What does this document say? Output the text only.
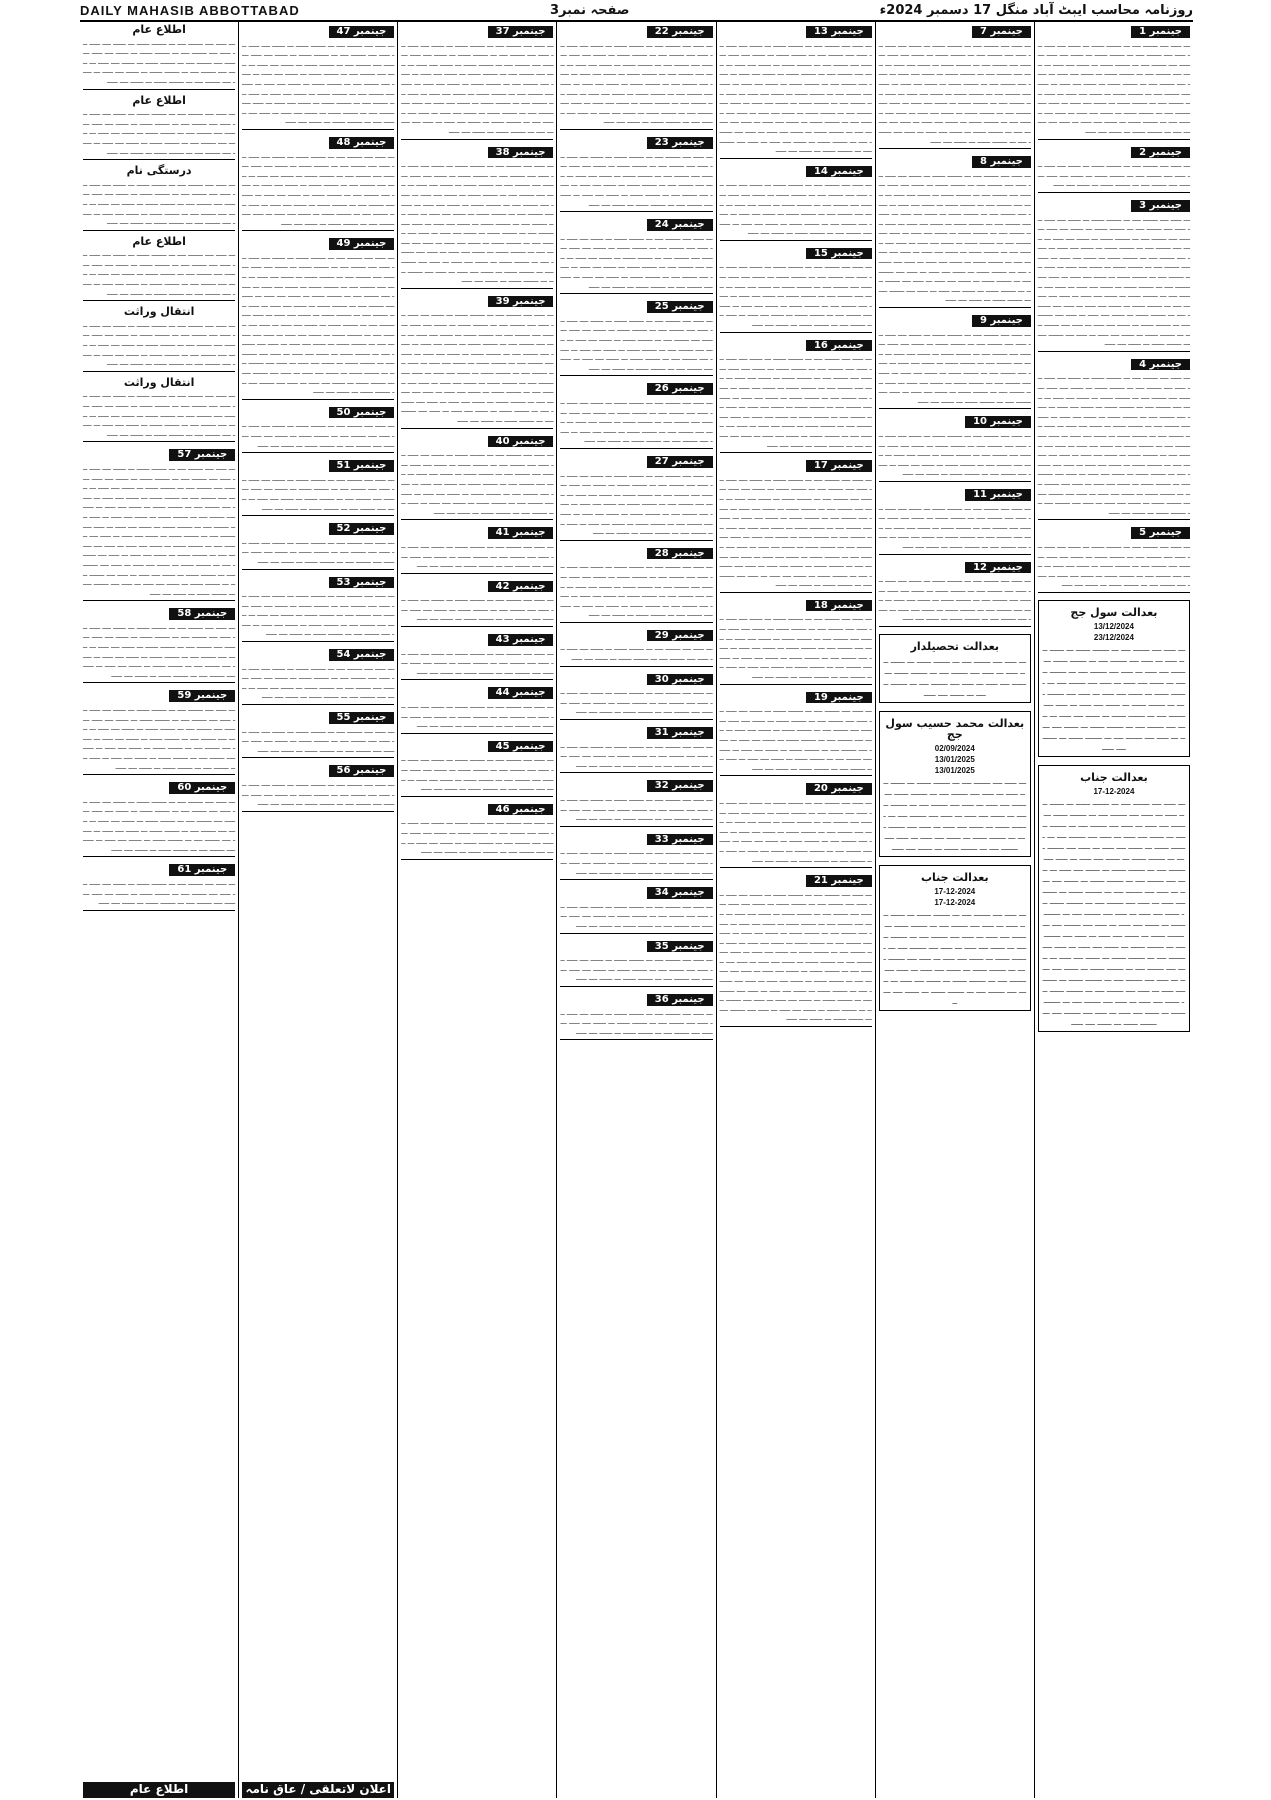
DAILY MAHASIB ABBOTTABAD	صفحہ نمبر3	روزنامہ محاسب ایبٹ آباد منگل 17 دسمبر 2024ء
جینمبر 1
ـــ ـــــ ــــ ـــــــ ــــ ـــ ـــــــ ــــــ ـــ ــــــ ــــ ـــــ ـــ ـــــ ــــ ـــــــ ــــ ـــ ـــــــ ــــــ ـــ ــــــ ــــ ـــــ ـــ ـــــ ــــ ـــــــ ــــ ـــ ـــــــ ــــــ ـــ ــــــ ــــ ـــــ ـــ ـــــ ــــ ـــــــ ــــ ـــ ـــــــ ــــــ ـــ ــــــ ــــ ـــــ ـــ ـــــ ــــ ـــــــ ــــ ـــ ـــــــ ــــــ ـــ ــــــ ــــ ـــــ ـــ ـــــ ــــ ـــــــ ــــ ـــ ـــــــ ــــــ ـــ ــــــ ــــ ـــــ ـــ ـــــ ــــ ـــــــ ــــ ـــ ـــــــ ــــــ ـــ ــــــ ــــ ـــــ ـــ ـــــ ــــ ـــــــ ــــ ـــ ـــــــ ــــــ ـــ ــــــ ــــ ـــــ ـــ ـــــ ــــ ـــــــ ــــ ـــ ـــــــ ــــــ ـــ ــــــ ــــ ـــــ ـــ ـــــ ــــ ـــــــ ــــ ـــ ـــــــ ــــــ ـــ ــــــ ــــ ـــــ
جینمبر 2
ـــ ـــــ ــــ ـــــــ ــــ ـــ ـــــــ ــــــ ـــ ــــــ ــــ ـــــ ـــ ـــــ ــــ ـــــــ ــــ ـــ ـــــــ ــــــ ـــ ــــــ ــــ ـــــ ـــ ـــــ ــــ ـــــــ ــــ ـــ ـــــــ ــــــ ـــ ــــــ ــــ ـــــ
جینمبر 3
ـــ ـــــ ــــ ـــــــ ــــ ـــ ـــــــ ــــــ ـــ ــــــ ــــ ـــــ ـــ ـــــ ــــ ـــــــ ــــ ـــ ـــــــ ــــــ ـــ ــــــ ــــ ـــــ ـــ ـــــ ــــ ـــــــ ــــ ـــ ـــــــ ــــــ ـــ ــــــ ــــ ـــــ ـــ ـــــ ــــ ـــــــ ــــ ـــ ـــــــ ــــــ ـــ ــــــ ــــ ـــــ ـــ ـــــ ــــ ـــــــ ــــ ـــ ـــــــ ــــــ ـــ ــــــ ــــ ـــــ ـــ ـــــ ــــ ـــــــ ــــ ـــ ـــــــ ــــــ ـــ ــــــ ــــ ـــــ ـــ ـــــ ــــ ـــــــ ــــ ـــ ـــــــ ــــــ ـــ ــــــ ــــ ـــــ ـــ ـــــ ــــ ـــــــ ــــ ـــ ـــــــ ــــــ ـــ ــــــ ــــ ـــــ ـــ ـــــ ــــ ـــــــ ــــ ـــ ـــــــ ــــــ ـــ ــــــ ــــ ـــــ ـــ ـــــ ــــ ـــــــ ــــ ـــ ـــــــ ــــــ ـــ ــــــ ــــ ـــــ ـــ ـــــ ــــ ـــــــ ــــ ـــ ـــــــ ــــــ ـــ ــــــ ــــ ـــــ ـــ ـــــ ــــ ـــــــ ــــ ـــ ـــــــ ــــــ ـــ ــــــ ــــ ـــــ ـــ ـــــ ــــ ـــــــ ــــ ـــ ـــــــ ــــــ ـــ ــــــ ــــ ـــــ ـــ ـــــ ــــ ـــــــ ــــ ـــ ـــــــ ــــــ ـــ ــــــ ــــ ـــــ
جینمبر 4
ـــ ـــــ ــــ ـــــــ ــــ ـــ ـــــــ ــــــ ـــ ــــــ ــــ ـــــ ـــ ـــــ ــــ ـــــــ ــــ ـــ ـــــــ ــــــ ـــ ــــــ ــــ ـــــ ـــ ـــــ ــــ ـــــــ ــــ ـــ ـــــــ ــــــ ـــ ــــــ ــــ ـــــ ـــ ـــــ ــــ ـــــــ ــــ ـــ ـــــــ ــــــ ـــ ــــــ ــــ ـــــ ـــ ـــــ ــــ ـــــــ ــــ ـــ ـــــــ ــــــ ـــ ــــــ ــــ ـــــ ـــ ـــــ ــــ ـــــــ ــــ ـــ ـــــــ ــــــ ـــ ــــــ ــــ ـــــ ـــ ـــــ ــــ ـــــــ ــــ ـــ ـــــــ ــــــ ـــ ــــــ ــــ ـــــ ـــ ـــــ ــــ ـــــــ ــــ ـــ ـــــــ ــــــ ـــ ــــــ ــــ ـــــ ـــ ـــــ ــــ ـــــــ ــــ ـــ ـــــــ ــــــ ـــ ــــــ ــــ ـــــ ـــ ـــــ ــــ ـــــــ ــــ ـــ ـــــــ ــــــ ـــ ــــــ ــــ ـــــ ـــ ـــــ ــــ ـــــــ ــــ ـــ ـــــــ ــــــ ـــ ــــــ ــــ ـــــ ـــ ـــــ ــــ ـــــــ ــــ ـــ ـــــــ ــــــ ـــ ــــــ ــــ ـــــ ـــ ـــــ ــــ ـــــــ ــــ ـــ ـــــــ ــــــ ـــ ــــــ ــــ ـــــ ـــ ـــــ ــــ ـــــــ ــــ ـــ ـــــــ ــــــ ـــ ــــــ ــــ ـــــ ـــ ـــــ ــــ ـــــــ ــــ ـــ ـــــــ ــــــ ـــ ــــــ ــــ ـــــ
جینمبر 5
ـــ ـــــ ــــ ـــــــ ــــ ـــ ـــــــ ــــــ ـــ ــــــ ــــ ـــــ ـــ ـــــ ــــ ـــــــ ــــ ـــ ـــــــ ــــــ ـــ ــــــ ــــ ـــــ ـــ ـــــ ــــ ـــــــ ــــ ـــ ـــــــ ــــــ ـــ ــــــ ــــ ـــــ ـــ ـــــ ــــ ـــــــ ــــ ـــ ـــــــ ــــــ ـــ ــــــ ــــ ـــــ ـــ ـــــ ــــ ـــــــ ــــ ـــ ـــــــ ــــــ ـــ ــــــ ــــ ـــــ
بعدالت سول جج
13/12/2024
23/12/2024
ـــ ـــــ ــــ ـــــــ ــــ ـــ ـــــــ ــــــ ـــ ــــــ ــــ ـــــ ـــ ـــــ ــــ ـــــــ ــــ ـــ ـــــــ ــــــ ـــ ــــــ ــــ ـــــ ـــ ـــــ ــــ ـــــــ ــــ ـــ ـــــــ ــــــ ـــ ــــــ ــــ ـــــ ـــ ـــــ ــــ ـــــــ ــــ ـــ ـــــــ ــــــ ـــ ــــــ ــــ ـــــ ـــ ـــــ ــــ ـــــــ ــــ ـــ ـــــــ ــــــ ـــ ــــــ ــــ ـــــ ـــ ـــــ ــــ ـــــــ ــــ ـــ ـــــــ ــــــ ـــ ــــــ ــــ ـــــ ـــ ـــــ ــــ ـــــــ ــــ ـــ ـــــــ ــــــ ـــ ــــــ ــــ ـــــ ـــ ـــــ ــــ ـــــــ ــــ ـــ ـــــــ ــــــ ـــ ــــــ ــــ ـــــ
بعدالت جناب
17-12-2024
ـــ ـــــ ــــ ـــــــ ــــ ـــ ـــــــ ــــــ ـــ ــــــ ــــ ـــــ ـــ ـــــ ــــ ـــــــ ــــ ـــ ـــــــ ــــــ ـــ ــــــ ــــ ـــــ ـــ ـــــ ــــ ـــــــ ــــ ـــ ـــــــ ــــــ ـــ ــــــ ــــ ـــــ ـــ ـــــ ــــ ـــــــ ــــ ـــ ـــــــ ــــــ ـــ ــــــ ــــ ـــــ ـــ ـــــ ــــ ـــــــ ــــ ـــ ـــــــ ــــــ ـــ ــــــ ــــ ـــــ ـــ ـــــ ــــ ـــــــ ــــ ـــ ـــــــ ــــــ ـــ ــــــ ــــ ـــــ ـــ ـــــ ــــ ـــــــ ــــ ـــ ـــــــ ــــــ ـــ ــــــ ــــ ـــــ ـــ ـــــ ــــ ـــــــ ــــ ـــ ـــــــ ــــــ ـــ ــــــ ــــ ـــــ ـــ ـــــ ــــ ـــــــ ــــ ـــ ـــــــ ــــــ ـــ ــــــ ــــ ـــــ ـــ ـــــ ــــ ـــــــ ــــ ـــ ـــــــ ــــــ ـــ ــــــ ــــ ـــــ ـــ ـــــ ــــ ـــــــ ــــ ـــ ـــــــ ــــــ ـــ ــــــ ــــ ـــــ ـــ ـــــ ــــ ـــــــ ــــ ـــ ـــــــ ــــــ ـــ ــــــ ــــ ـــــ ـــ ـــــ ــــ ـــــــ ــــ ـــ ـــــــ ــــــ ـــ ــــــ ــــ ـــــ ـــ ـــــ ــــ ـــــــ ــــ ـــ ـــــــ ــــــ ـــ ــــــ ــــ ـــــ ـــ ـــــ ــــ ـــــــ ــــ ـــ ـــــــ ــــــ ـــ ــــــ ــــ ـــــ ـــ ـــــ ــــ ـــــــ ــــ ـــ ـــــــ ــــــ ـــ ــــــ ــــ ـــــ ـــ ـــــ ــــ ـــــــ ــــ ـــ ـــــــ ــــــ ـــ ــــــ ــــ ـــــ ـــ ـــــ ــــ ـــــــ ــــ ـــ ـــــــ ــــــ ـــ ــــــ ــــ ـــــ
جینمبر 7
ـــ ـــــ ــــ ـــــــ ــــ ـــ ـــــــ ــــــ ـــ ــــــ ــــ ـــــ ـــ ـــــ ــــ ـــــــ ــــ ـــ ـــــــ ــــــ ـــ ــــــ ــــ ـــــ ـــ ـــــ ــــ ـــــــ ــــ ـــ ـــــــ ــــــ ـــ ــــــ ــــ ـــــ ـــ ـــــ ــــ ـــــــ ــــ ـــ ـــــــ ــــــ ـــ ــــــ ــــ ـــــ ـــ ـــــ ــــ ـــــــ ــــ ـــ ـــــــ ــــــ ـــ ــــــ ــــ ـــــ ـــ ـــــ ــــ ـــــــ ــــ ـــ ـــــــ ــــــ ـــ ــــــ ــــ ـــــ ـــ ـــــ ــــ ـــــــ ــــ ـــ ـــــــ ــــــ ـــ ــــــ ــــ ـــــ ـــ ـــــ ــــ ـــــــ ــــ ـــ ـــــــ ــــــ ـــ ــــــ ــــ ـــــ ـــ ـــــ ــــ ـــــــ ــــ ـــ ـــــــ ــــــ ـــ ــــــ ــــ ـــــ ـــ ـــــ ــــ ـــــــ ــــ ـــ ـــــــ ــــــ ـــ ــــــ ــــ ـــــ ـــ ـــــ ــــ ـــــــ ــــ ـــ ـــــــ ــــــ ـــ ــــــ ــــ ـــــ
جینمبر 8
ـــ ـــــ ــــ ـــــــ ــــ ـــ ـــــــ ــــــ ـــ ــــــ ــــ ـــــ ـــ ـــــ ــــ ـــــــ ــــ ـــ ـــــــ ــــــ ـــ ــــــ ــــ ـــــ ـــ ـــــ ــــ ـــــــ ــــ ـــ ـــــــ ــــــ ـــ ــــــ ــــ ـــــ ـــ ـــــ ــــ ـــــــ ــــ ـــ ـــــــ ــــــ ـــ ــــــ ــــ ـــــ ـــ ـــــ ــــ ـــــــ ــــ ـــ ـــــــ ــــــ ـــ ــــــ ــــ ـــــ ـــ ـــــ ــــ ـــــــ ــــ ـــ ـــــــ ــــــ ـــ ــــــ ــــ ـــــ ـــ ـــــ ــــ ـــــــ ــــ ـــ ـــــــ ــــــ ـــ ــــــ ــــ ـــــ ـــ ـــــ ــــ ـــــــ ــــ ـــ ـــــــ ــــــ ـــ ــــــ ــــ ـــــ ـــ ـــــ ــــ ـــــــ ــــ ـــ ـــــــ ــــــ ـــ ــــــ ــــ ـــــ ـــ ـــــ ــــ ـــــــ ــــ ـــ ـــــــ ــــــ ـــ ــــــ ــــ ـــــ ـــ ـــــ ــــ ـــــــ ــــ ـــ ـــــــ ــــــ ـــ ــــــ ــــ ـــــ ـــ ـــــ ــــ ـــــــ ــــ ـــ ـــــــ ــــــ ـــ ــــــ ــــ ـــــ ـــ ـــــ ــــ ـــــــ ــــ ـــ ـــــــ ــــــ ـــ ــــــ ــــ ـــــ ـــ ـــــ ــــ ـــــــ ــــ ـــ ـــــــ ــــــ ـــ ــــــ ــــ ـــــ
جینمبر 9
ـــ ـــــ ــــ ـــــــ ــــ ـــ ـــــــ ــــــ ـــ ــــــ ــــ ـــــ ـــ ـــــ ــــ ـــــــ ــــ ـــ ـــــــ ــــــ ـــ ــــــ ــــ ـــــ ـــ ـــــ ــــ ـــــــ ــــ ـــ ـــــــ ــــــ ـــ ــــــ ــــ ـــــ ـــ ـــــ ــــ ـــــــ ــــ ـــ ـــــــ ــــــ ـــ ــــــ ــــ ـــــ ـــ ـــــ ــــ ـــــــ ــــ ـــ ـــــــ ــــــ ـــ ــــــ ــــ ـــــ ـــ ـــــ ــــ ـــــــ ــــ ـــ ـــــــ ــــــ ـــ ــــــ ــــ ـــــ ـــ ـــــ ــــ ـــــــ ــــ ـــ ـــــــ ــــــ ـــ ــــــ ــــ ـــــ ـــ ـــــ ــــ ـــــــ ــــ ـــ ـــــــ ــــــ ـــ ــــــ ــــ ـــــ
جینمبر 10
ـــ ـــــ ــــ ـــــــ ــــ ـــ ـــــــ ــــــ ـــ ــــــ ــــ ـــــ ـــ ـــــ ــــ ـــــــ ــــ ـــ ـــــــ ــــــ ـــ ــــــ ــــ ـــــ ـــ ـــــ ــــ ـــــــ ــــ ـــ ـــــــ ــــــ ـــ ــــــ ــــ ـــــ ـــ ـــــ ــــ ـــــــ ــــ ـــ ـــــــ ــــــ ـــ ــــــ ــــ ـــــ ـــ ـــــ ــــ ـــــــ ــــ ـــ ـــــــ ــــــ ـــ ــــــ ــــ ـــــ
جینمبر 11
ـــ ـــــ ــــ ـــــــ ــــ ـــ ـــــــ ــــــ ـــ ــــــ ــــ ـــــ ـــ ـــــ ــــ ـــــــ ــــ ـــ ـــــــ ــــــ ـــ ــــــ ــــ ـــــ ـــ ـــــ ــــ ـــــــ ــــ ـــ ـــــــ ــــــ ـــ ــــــ ــــ ـــــ ـــ ـــــ ــــ ـــــــ ــــ ـــ ـــــــ ــــــ ـــ ــــــ ــــ ـــــ ـــ ـــــ ــــ ـــــــ ــــ ـــ ـــــــ ــــــ ـــ ــــــ ــــ ـــــ
جینمبر 12
ـــ ـــــ ــــ ـــــــ ــــ ـــ ـــــــ ــــــ ـــ ــــــ ــــ ـــــ ـــ ـــــ ــــ ـــــــ ــــ ـــ ـــــــ ــــــ ـــ ــــــ ــــ ـــــ ـــ ـــــ ــــ ـــــــ ــــ ـــ ـــــــ ــــــ ـــ ــــــ ــــ ـــــ ـــ ـــــ ــــ ـــــــ ــــ ـــ ـــــــ ــــــ ـــ ــــــ ــــ ـــــ ـــ ـــــ ــــ ـــــــ ــــ ـــ ـــــــ ــــــ ـــ ــــــ ــــ ـــــ
بعدالت تحصیلدار
ـــ ـــــ ــــ ـــــــ ــــ ـــ ـــــــ ــــــ ـــ ــــــ ــــ ـــــ ـــ ـــــ ــــ ـــــــ ــــ ـــ ـــــــ ــــــ ـــ ــــــ ــــ ـــــ ـــ ـــــ ــــ ـــــــ ــــ ـــ ـــــــ ــــــ ـــ ــــــ ــــ ـــــ
بعدالت محمد حسیب سول جج
02/09/2024
13/01/2025
13/01/2025
ـــ ـــــ ــــ ـــــــ ــــ ـــ ـــــــ ــــــ ـــ ــــــ ــــ ـــــ ـــ ـــــ ــــ ـــــــ ــــ ـــ ـــــــ ــــــ ـــ ــــــ ــــ ـــــ ـــ ـــــ ــــ ـــــــ ــــ ـــ ـــــــ ــــــ ـــ ــــــ ــــ ـــــ ـــ ـــــ ــــ ـــــــ ــــ ـــ ـــــــ ــــــ ـــ ــــــ ــــ ـــــ ـــ ـــــ ــــ ـــــــ ــــ ـــ ـــــــ ــــــ ـــ ــــــ ــــ ـــــ ـــ ـــــ ــــ ـــــــ ــــ ـــ ـــــــ ــــــ ـــ ــــــ ــــ ـــــ
بعدالت جناب
17-12-2024
17-12-2024
ـــ ـــــ ــــ ـــــــ ــــ ـــ ـــــــ ــــــ ـــ ــــــ ــــ ـــــ ـــ ـــــ ــــ ـــــــ ــــ ـــ ـــــــ ــــــ ـــ ــــــ ــــ ـــــ ـــ ـــــ ــــ ـــــــ ــــ ـــ ـــــــ ــــــ ـــ ــــــ ــــ ـــــ ـــ ـــــ ــــ ـــــــ ــــ ـــ ـــــــ ــــــ ـــ ــــــ ــــ ـــــ ـــ ـــــ ــــ ـــــــ ــــ ـــ ـــــــ ــــــ ـــ ــــــ ــــ ـــــ ـــ ـــــ ــــ ـــــــ ــــ ـــ ـــــــ ــــــ ـــ ــــــ ــــ ـــــ ـــ ـــــ ــــ ـــــــ ــــ ـــ ـــــــ ــــــ ـــ ــــــ ــــ ـــــ
جینمبر 13
ـــ ـــــ ــــ ـــــــ ــــ ـــ ـــــــ ــــــ ـــ ــــــ ــــ ـــــ ـــ ـــــ ــــ ـــــــ ــــ ـــ ـــــــ ــــــ ـــ ــــــ ــــ ـــــ ـــ ـــــ ــــ ـــــــ ــــ ـــ ـــــــ ــــــ ـــ ــــــ ــــ ـــــ ـــ ـــــ ــــ ـــــــ ــــ ـــ ـــــــ ــــــ ـــ ــــــ ــــ ـــــ ـــ ـــــ ــــ ـــــــ ــــ ـــ ـــــــ ــــــ ـــ ــــــ ــــ ـــــ ـــ ـــــ ــــ ـــــــ ــــ ـــ ـــــــ ــــــ ـــ ــــــ ــــ ـــــ ـــ ـــــ ــــ ـــــــ ــــ ـــ ـــــــ ــــــ ـــ ــــــ ــــ ـــــ ـــ ـــــ ــــ ـــــــ ــــ ـــ ـــــــ ــــــ ـــ ــــــ ــــ ـــــ ـــ ـــــ ــــ ـــــــ ــــ ـــ ـــــــ ــــــ ـــ ــــــ ــــ ـــــ ـــ ـــــ ــــ ـــــــ ــــ ـــ ـــــــ ــــــ ـــ ــــــ ــــ ـــــ ـــ ـــــ ــــ ـــــــ ــــ ـــ ـــــــ ــــــ ـــ ــــــ ــــ ـــــ ـــ ـــــ ــــ ـــــــ ــــ ـــ ـــــــ ــــــ ـــ ــــــ ــــ ـــــ
جینمبر 14
ـــ ـــــ ــــ ـــــــ ــــ ـــ ـــــــ ــــــ ـــ ــــــ ــــ ـــــ ـــ ـــــ ــــ ـــــــ ــــ ـــ ـــــــ ــــــ ـــ ــــــ ــــ ـــــ ـــ ـــــ ــــ ـــــــ ــــ ـــ ـــــــ ــــــ ـــ ــــــ ــــ ـــــ ـــ ـــــ ــــ ـــــــ ــــ ـــ ـــــــ ــــــ ـــ ــــــ ــــ ـــــ ـــ ـــــ ــــ ـــــــ ــــ ـــ ـــــــ ــــــ ـــ ــــــ ــــ ـــــ ـــ ـــــ ــــ ـــــــ ــــ ـــ ـــــــ ــــــ ـــ ــــــ ــــ ـــــ
جینمبر 15
ـــ ـــــ ــــ ـــــــ ــــ ـــ ـــــــ ــــــ ـــ ــــــ ــــ ـــــ ـــ ـــــ ــــ ـــــــ ــــ ـــ ـــــــ ــــــ ـــ ــــــ ــــ ـــــ ـــ ـــــ ــــ ـــــــ ــــ ـــ ـــــــ ــــــ ـــ ــــــ ــــ ـــــ ـــ ـــــ ــــ ـــــــ ــــ ـــ ـــــــ ــــــ ـــ ــــــ ــــ ـــــ ـــ ـــــ ــــ ـــــــ ــــ ـــ ـــــــ ــــــ ـــ ــــــ ــــ ـــــ ـــ ـــــ ــــ ـــــــ ــــ ـــ ـــــــ ــــــ ـــ ــــــ ــــ ـــــ ـــ ـــــ ــــ ـــــــ ــــ ـــ ـــــــ ــــــ ـــ ــــــ ــــ ـــــ
جینمبر 16
ـــ ـــــ ــــ ـــــــ ــــ ـــ ـــــــ ــــــ ـــ ــــــ ــــ ـــــ ـــ ـــــ ــــ ـــــــ ــــ ـــ ـــــــ ــــــ ـــ ــــــ ــــ ـــــ ـــ ـــــ ــــ ـــــــ ــــ ـــ ـــــــ ــــــ ـــ ــــــ ــــ ـــــ ـــ ـــــ ــــ ـــــــ ــــ ـــ ـــــــ ــــــ ـــ ــــــ ــــ ـــــ ـــ ـــــ ــــ ـــــــ ــــ ـــ ـــــــ ــــــ ـــ ــــــ ــــ ـــــ ـــ ـــــ ــــ ـــــــ ــــ ـــ ـــــــ ــــــ ـــ ــــــ ــــ ـــــ ـــ ـــــ ــــ ـــــــ ــــ ـــ ـــــــ ــــــ ـــ ــــــ ــــ ـــــ ـــ ـــــ ــــ ـــــــ ــــ ـــ ـــــــ ــــــ ـــ ــــــ ــــ ـــــ ـــ ـــــ ــــ ـــــــ ــــ ـــ ـــــــ ــــــ ـــ ــــــ ــــ ـــــ ـــ ـــــ ــــ ـــــــ ــــ ـــ ـــــــ ــــــ ـــ ــــــ ــــ ـــــ
جینمبر 17
ـــ ـــــ ــــ ـــــــ ــــ ـــ ـــــــ ــــــ ـــ ــــــ ــــ ـــــ ـــ ـــــ ــــ ـــــــ ــــ ـــ ـــــــ ــــــ ـــ ــــــ ــــ ـــــ ـــ ـــــ ــــ ـــــــ ــــ ـــ ـــــــ ــــــ ـــ ــــــ ــــ ـــــ ـــ ـــــ ــــ ـــــــ ــــ ـــ ـــــــ ــــــ ـــ ــــــ ــــ ـــــ ـــ ـــــ ــــ ـــــــ ــــ ـــ ـــــــ ــــــ ـــ ــــــ ــــ ـــــ ـــ ـــــ ــــ ـــــــ ــــ ـــ ـــــــ ــــــ ـــ ــــــ ــــ ـــــ ـــ ـــــ ــــ ـــــــ ــــ ـــ ـــــــ ــــــ ـــ ــــــ ــــ ـــــ ـــ ـــــ ــــ ـــــــ ــــ ـــ ـــــــ ــــــ ـــ ــــــ ــــ ـــــ ـــ ـــــ ــــ ـــــــ ــــ ـــ ـــــــ ــــــ ـــ ــــــ ــــ ـــــ ـــ ـــــ ــــ ـــــــ ــــ ـــ ـــــــ ــــــ ـــ ــــــ ــــ ـــــ ـــ ـــــ ــــ ـــــــ ــــ ـــ ـــــــ ــــــ ـــ ــــــ ــــ ـــــ ـــ ـــــ ــــ ـــــــ ــــ ـــ ـــــــ ــــــ ـــ ــــــ ــــ ـــــ
جینمبر 18
ـــ ـــــ ــــ ـــــــ ــــ ـــ ـــــــ ــــــ ـــ ــــــ ــــ ـــــ ـــ ـــــ ــــ ـــــــ ــــ ـــ ـــــــ ــــــ ـــ ــــــ ــــ ـــــ ـــ ـــــ ــــ ـــــــ ــــ ـــ ـــــــ ــــــ ـــ ــــــ ــــ ـــــ ـــ ـــــ ــــ ـــــــ ــــ ـــ ـــــــ ــــــ ـــ ــــــ ــــ ـــــ ـــ ـــــ ــــ ـــــــ ــــ ـــ ـــــــ ــــــ ـــ ــــــ ــــ ـــــ ـــ ـــــ ــــ ـــــــ ــــ ـــ ـــــــ ــــــ ـــ ــــــ ــــ ـــــ ـــ ـــــ ــــ ـــــــ ــــ ـــ ـــــــ ــــــ ـــ ــــــ ــــ ـــــ
جینمبر 19
ـــ ـــــ ــــ ـــــــ ــــ ـــ ـــــــ ــــــ ـــ ــــــ ــــ ـــــ ـــ ـــــ ــــ ـــــــ ــــ ـــ ـــــــ ــــــ ـــ ــــــ ــــ ـــــ ـــ ـــــ ــــ ـــــــ ــــ ـــ ـــــــ ــــــ ـــ ــــــ ــــ ـــــ ـــ ـــــ ــــ ـــــــ ــــ ـــ ـــــــ ــــــ ـــ ــــــ ــــ ـــــ ـــ ـــــ ــــ ـــــــ ــــ ـــ ـــــــ ــــــ ـــ ــــــ ــــ ـــــ ـــ ـــــ ــــ ـــــــ ــــ ـــ ـــــــ ــــــ ـــ ــــــ ــــ ـــــ ـــ ـــــ ــــ ـــــــ ــــ ـــ ـــــــ ــــــ ـــ ــــــ ــــ ـــــ
جینمبر 20
ـــ ـــــ ــــ ـــــــ ــــ ـــ ـــــــ ــــــ ـــ ــــــ ــــ ـــــ ـــ ـــــ ــــ ـــــــ ــــ ـــ ـــــــ ــــــ ـــ ــــــ ــــ ـــــ ـــ ـــــ ــــ ـــــــ ــــ ـــ ـــــــ ــــــ ـــ ــــــ ــــ ـــــ ـــ ـــــ ــــ ـــــــ ــــ ـــ ـــــــ ــــــ ـــ ــــــ ــــ ـــــ ـــ ـــــ ــــ ـــــــ ــــ ـــ ـــــــ ــــــ ـــ ــــــ ــــ ـــــ ـــ ـــــ ــــ ـــــــ ــــ ـــ ـــــــ ــــــ ـــ ــــــ ــــ ـــــ ـــ ـــــ ــــ ـــــــ ــــ ـــ ـــــــ ــــــ ـــ ــــــ ــــ ـــــ
جینمبر 21
ـــ ـــــ ــــ ـــــــ ــــ ـــ ـــــــ ــــــ ـــ ــــــ ــــ ـــــ ـــ ـــــ ــــ ـــــــ ــــ ـــ ـــــــ ــــــ ـــ ــــــ ــــ ـــــ ـــ ـــــ ــــ ـــــــ ــــ ـــ ـــــــ ــــــ ـــ ــــــ ــــ ـــــ ـــ ـــــ ــــ ـــــــ ــــ ـــ ـــــــ ــــــ ـــ ــــــ ــــ ـــــ ـــ ـــــ ــــ ـــــــ ــــ ـــ ـــــــ ــــــ ـــ ــــــ ــــ ـــــ ـــ ـــــ ــــ ـــــــ ــــ ـــ ـــــــ ــــــ ـــ ــــــ ــــ ـــــ ـــ ـــــ ــــ ـــــــ ــــ ـــ ـــــــ ــــــ ـــ ــــــ ــــ ـــــ ـــ ـــــ ــــ ـــــــ ــــ ـــ ـــــــ ــــــ ـــ ــــــ ــــ ـــــ ـــ ـــــ ــــ ـــــــ ــــ ـــ ـــــــ ــــــ ـــ ــــــ ــــ ـــــ ـــ ـــــ ــــ ـــــــ ــــ ـــ ـــــــ ــــــ ـــ ــــــ ــــ ـــــ ـــ ـــــ ــــ ـــــــ ــــ ـــ ـــــــ ــــــ ـــ ــــــ ــــ ـــــ ـــ ـــــ ــــ ـــــــ ــــ ـــ ـــــــ ــــــ ـــ ــــــ ــــ ـــــ ـــ ـــــ ــــ ـــــــ ــــ ـــ ـــــــ ــــــ ـــ ــــــ ــــ ـــــ ـــ ـــــ ــــ ـــــــ ــــ ـــ ـــــــ ــــــ ـــ ــــــ ــــ ـــــ
جینمبر 22
ـــ ـــــ ــــ ـــــــ ــــ ـــ ـــــــ ــــــ ـــ ــــــ ــــ ـــــ ـــ ـــــ ــــ ـــــــ ــــ ـــ ـــــــ ــــــ ـــ ــــــ ــــ ـــــ ـــ ـــــ ــــ ـــــــ ــــ ـــ ـــــــ ــــــ ـــ ــــــ ــــ ـــــ ـــ ـــــ ــــ ـــــــ ــــ ـــ ـــــــ ــــــ ـــ ــــــ ــــ ـــــ ـــ ـــــ ــــ ـــــــ ــــ ـــ ـــــــ ــــــ ـــ ــــــ ــــ ـــــ ـــ ـــــ ــــ ـــــــ ــــ ـــ ـــــــ ــــــ ـــ ــــــ ــــ ـــــ ـــ ـــــ ــــ ـــــــ ــــ ـــ ـــــــ ــــــ ـــ ــــــ ــــ ـــــ ـــ ـــــ ــــ ـــــــ ــــ ـــ ـــــــ ــــــ ـــ ــــــ ــــ ـــــ ـــ ـــــ ــــ ـــــــ ــــ ـــ ـــــــ ــــــ ـــ ــــــ ــــ ـــــ
جینمبر 23
ـــ ـــــ ــــ ـــــــ ــــ ـــ ـــــــ ــــــ ـــ ــــــ ــــ ـــــ ـــ ـــــ ــــ ـــــــ ــــ ـــ ـــــــ ــــــ ـــ ــــــ ــــ ـــــ ـــ ـــــ ــــ ـــــــ ــــ ـــ ـــــــ ــــــ ـــ ــــــ ــــ ـــــ ـــ ـــــ ــــ ـــــــ ــــ ـــ ـــــــ ــــــ ـــ ــــــ ــــ ـــــ ـــ ـــــ ــــ ـــــــ ــــ ـــ ـــــــ ــــــ ـــ ــــــ ــــ ـــــ ـــ ـــــ ــــ ـــــــ ــــ ـــ ـــــــ ــــــ ـــ ــــــ ــــ ـــــ
جینمبر 24
ـــ ـــــ ــــ ـــــــ ــــ ـــ ـــــــ ــــــ ـــ ــــــ ــــ ـــــ ـــ ـــــ ــــ ـــــــ ــــ ـــ ـــــــ ــــــ ـــ ــــــ ــــ ـــــ ـــ ـــــ ــــ ـــــــ ــــ ـــ ـــــــ ــــــ ـــ ــــــ ــــ ـــــ ـــ ـــــ ــــ ـــــــ ــــ ـــ ـــــــ ــــــ ـــ ــــــ ــــ ـــــ ـــ ـــــ ــــ ـــــــ ــــ ـــ ـــــــ ــــــ ـــ ــــــ ــــ ـــــ ـــ ـــــ ــــ ـــــــ ــــ ـــ ـــــــ ــــــ ـــ ــــــ ــــ ـــــ
جینمبر 25
ـــ ـــــ ــــ ـــــــ ــــ ـــ ـــــــ ــــــ ـــ ــــــ ــــ ـــــ ـــ ـــــ ــــ ـــــــ ــــ ـــ ـــــــ ــــــ ـــ ــــــ ــــ ـــــ ـــ ـــــ ــــ ـــــــ ــــ ـــ ـــــــ ــــــ ـــ ــــــ ــــ ـــــ ـــ ـــــ ــــ ـــــــ ــــ ـــ ـــــــ ــــــ ـــ ــــــ ــــ ـــــ ـــ ـــــ ــــ ـــــــ ــــ ـــ ـــــــ ــــــ ـــ ــــــ ــــ ـــــ ـــ ـــــ ــــ ـــــــ ــــ ـــ ـــــــ ــــــ ـــ ــــــ ــــ ـــــ
جینمبر 26
ـــ ـــــ ــــ ـــــــ ــــ ـــ ـــــــ ــــــ ـــ ــــــ ــــ ـــــ ـــ ـــــ ــــ ـــــــ ــــ ـــ ـــــــ ــــــ ـــ ــــــ ــــ ـــــ ـــ ـــــ ــــ ـــــــ ــــ ـــ ـــــــ ــــــ ـــ ــــــ ــــ ـــــ ـــ ـــــ ــــ ـــــــ ــــ ـــ ـــــــ ــــــ ـــ ــــــ ــــ ـــــ ـــ ـــــ ــــ ـــــــ ــــ ـــ ـــــــ ــــــ ـــ ــــــ ــــ ـــــ
جینمبر 27
ـــ ـــــ ــــ ـــــــ ــــ ـــ ـــــــ ــــــ ـــ ــــــ ــــ ـــــ ـــ ـــــ ــــ ـــــــ ــــ ـــ ـــــــ ــــــ ـــ ــــــ ــــ ـــــ ـــ ـــــ ــــ ـــــــ ــــ ـــ ـــــــ ــــــ ـــ ــــــ ــــ ـــــ ـــ ـــــ ــــ ـــــــ ــــ ـــ ـــــــ ــــــ ـــ ــــــ ــــ ـــــ ـــ ـــــ ــــ ـــــــ ــــ ـــ ـــــــ ــــــ ـــ ــــــ ــــ ـــــ ـــ ـــــ ــــ ـــــــ ــــ ـــ ـــــــ ــــــ ـــ ــــــ ــــ ـــــ ـــ ـــــ ــــ ـــــــ ــــ ـــ ـــــــ ــــــ ـــ ــــــ ــــ ـــــ
جینمبر 28
ـــ ـــــ ــــ ـــــــ ــــ ـــ ـــــــ ــــــ ـــ ــــــ ــــ ـــــ ـــ ـــــ ــــ ـــــــ ــــ ـــ ـــــــ ــــــ ـــ ــــــ ــــ ـــــ ـــ ـــــ ــــ ـــــــ ــــ ـــ ـــــــ ــــــ ـــ ــــــ ــــ ـــــ ـــ ـــــ ــــ ـــــــ ــــ ـــ ـــــــ ــــــ ـــ ــــــ ــــ ـــــ ـــ ـــــ ــــ ـــــــ ــــ ـــ ـــــــ ــــــ ـــ ــــــ ــــ ـــــ ـــ ـــــ ــــ ـــــــ ــــ ـــ ـــــــ ــــــ ـــ ــــــ ــــ ـــــ
جینمبر 29
ـــ ـــــ ــــ ـــــــ ــــ ـــ ـــــــ ــــــ ـــ ــــــ ــــ ـــــ ـــ ـــــ ــــ ـــــــ ــــ ـــ ـــــــ ــــــ ـــ ــــــ ــــ ـــــ
جینمبر 30
ـــ ـــــ ــــ ـــــــ ــــ ـــ ـــــــ ــــــ ـــ ــــــ ــــ ـــــ ـــ ـــــ ــــ ـــــــ ــــ ـــ ـــــــ ــــــ ـــ ــــــ ــــ ـــــ ـــ ـــــ ــــ ـــــــ ــــ ـــ ـــــــ ــــــ ـــ ــــــ ــــ ـــــ
جینمبر 31
ـــ ـــــ ــــ ـــــــ ــــ ـــ ـــــــ ــــــ ـــ ــــــ ــــ ـــــ ـــ ـــــ ــــ ـــــــ ــــ ـــ ـــــــ ــــــ ـــ ــــــ ــــ ـــــ ـــ ـــــ ــــ ـــــــ ــــ ـــ ـــــــ ــــــ ـــ ــــــ ــــ ـــــ
جینمبر 32
ـــ ـــــ ــــ ـــــــ ــــ ـــ ـــــــ ــــــ ـــ ــــــ ــــ ـــــ ـــ ـــــ ــــ ـــــــ ــــ ـــ ـــــــ ــــــ ـــ ــــــ ــــ ـــــ ـــ ـــــ ــــ ـــــــ ــــ ـــ ـــــــ ــــــ ـــ ــــــ ــــ ـــــ
جینمبر 33
ـــ ـــــ ــــ ـــــــ ــــ ـــ ـــــــ ــــــ ـــ ــــــ ــــ ـــــ ـــ ـــــ ــــ ـــــــ ــــ ـــ ـــــــ ــــــ ـــ ــــــ ــــ ـــــ ـــ ـــــ ــــ ـــــــ ــــ ـــ ـــــــ ــــــ ـــ ــــــ ــــ ـــــ
جینمبر 34
ـــ ـــــ ــــ ـــــــ ــــ ـــ ـــــــ ــــــ ـــ ــــــ ــــ ـــــ ـــ ـــــ ــــ ـــــــ ــــ ـــ ـــــــ ــــــ ـــ ــــــ ــــ ـــــ ـــ ـــــ ــــ ـــــــ ــــ ـــ ـــــــ ــــــ ـــ ــــــ ــــ ـــــ
جینمبر 35
ـــ ـــــ ــــ ـــــــ ــــ ـــ ـــــــ ــــــ ـــ ــــــ ــــ ـــــ ـــ ـــــ ــــ ـــــــ ــــ ـــ ـــــــ ــــــ ـــ ــــــ ــــ ـــــ ـــ ـــــ ــــ ـــــــ ــــ ـــ ـــــــ ــــــ ـــ ــــــ ــــ ـــــ
جینمبر 36
ـــ ـــــ ــــ ـــــــ ــــ ـــ ـــــــ ــــــ ـــ ــــــ ــــ ـــــ ـــ ـــــ ــــ ـــــــ ــــ ـــ ـــــــ ــــــ ـــ ــــــ ــــ ـــــ ـــ ـــــ ــــ ـــــــ ــــ ـــ ـــــــ ــــــ ـــ ــــــ ــــ ـــــ
جینمبر 37
ـــ ـــــ ــــ ـــــــ ــــ ـــ ـــــــ ــــــ ـــ ــــــ ــــ ـــــ ـــ ـــــ ــــ ـــــــ ــــ ـــ ـــــــ ــــــ ـــ ــــــ ــــ ـــــ ـــ ـــــ ــــ ـــــــ ــــ ـــ ـــــــ ــــــ ـــ ــــــ ــــ ـــــ ـــ ـــــ ــــ ـــــــ ــــ ـــ ـــــــ ــــــ ـــ ــــــ ــــ ـــــ ـــ ـــــ ــــ ـــــــ ــــ ـــ ـــــــ ــــــ ـــ ــــــ ــــ ـــــ ـــ ـــــ ــــ ـــــــ ــــ ـــ ـــــــ ــــــ ـــ ــــــ ــــ ـــــ ـــ ـــــ ــــ ـــــــ ــــ ـــ ـــــــ ــــــ ـــ ــــــ ــــ ـــــ ـــ ـــــ ــــ ـــــــ ــــ ـــ ـــــــ ــــــ ـــ ــــــ ــــ ـــــ ـــ ـــــ ــــ ـــــــ ــــ ـــ ـــــــ ــــــ ـــ ــــــ ــــ ـــــ ـــ ـــــ ــــ ـــــــ ــــ ـــ ـــــــ ــــــ ـــ ــــــ ــــ ـــــ
جینمبر 38
ـــ ـــــ ــــ ـــــــ ــــ ـــ ـــــــ ــــــ ـــ ــــــ ــــ ـــــ ـــ ـــــ ــــ ـــــــ ــــ ـــ ـــــــ ــــــ ـــ ــــــ ــــ ـــــ ـــ ـــــ ــــ ـــــــ ــــ ـــ ـــــــ ــــــ ـــ ــــــ ــــ ـــــ ـــ ـــــ ــــ ـــــــ ــــ ـــ ـــــــ ــــــ ـــ ــــــ ــــ ـــــ ـــ ـــــ ــــ ـــــــ ــــ ـــ ـــــــ ــــــ ـــ ــــــ ــــ ـــــ ـــ ـــــ ــــ ـــــــ ــــ ـــ ـــــــ ــــــ ـــ ــــــ ــــ ـــــ ـــ ـــــ ــــ ـــــــ ــــ ـــ ـــــــ ــــــ ـــ ــــــ ــــ ـــــ ـــ ـــــ ــــ ـــــــ ــــ ـــ ـــــــ ــــــ ـــ ــــــ ــــ ـــــ ـــ ـــــ ــــ ـــــــ ــــ ـــ ـــــــ ــــــ ـــ ــــــ ــــ ـــــ ـــ ـــــ ــــ ـــــــ ــــ ـــ ـــــــ ــــــ ـــ ــــــ ــــ ـــــ ـــ ـــــ ــــ ـــــــ ــــ ـــ ـــــــ ــــــ ـــ ــــــ ــــ ـــــ ـــ ـــــ ــــ ـــــــ ــــ ـــ ـــــــ ــــــ ـــ ــــــ ــــ ـــــ ـــ ـــــ ــــ ـــــــ ــــ ـــ ـــــــ ــــــ ـــ ــــــ ــــ ـــــ
جینمبر 39
ـــ ـــــ ــــ ـــــــ ــــ ـــ ـــــــ ــــــ ـــ ــــــ ــــ ـــــ ـــ ـــــ ــــ ـــــــ ــــ ـــ ـــــــ ــــــ ـــ ــــــ ــــ ـــــ ـــ ـــــ ــــ ـــــــ ــــ ـــ ـــــــ ــــــ ـــ ــــــ ــــ ـــــ ـــ ـــــ ــــ ـــــــ ــــ ـــ ـــــــ ــــــ ـــ ــــــ ــــ ـــــ ـــ ـــــ ــــ ـــــــ ــــ ـــ ـــــــ ــــــ ـــ ــــــ ــــ ـــــ ـــ ـــــ ــــ ـــــــ ــــ ـــ ـــــــ ــــــ ـــ ــــــ ــــ ـــــ ـــ ـــــ ــــ ـــــــ ــــ ـــ ـــــــ ــــــ ـــ ــــــ ــــ ـــــ ـــ ـــــ ــــ ـــــــ ــــ ـــ ـــــــ ــــــ ـــ ــــــ ــــ ـــــ ـــ ـــــ ــــ ـــــــ ــــ ـــ ـــــــ ــــــ ـــ ــــــ ــــ ـــــ ـــ ـــــ ــــ ـــــــ ــــ ـــ ـــــــ ــــــ ـــ ــــــ ــــ ـــــ ـــ ـــــ ــــ ـــــــ ــــ ـــ ـــــــ ــــــ ـــ ــــــ ــــ ـــــ ـــ ـــــ ــــ ـــــــ ــــ ـــ ـــــــ ــــــ ـــ ــــــ ــــ ـــــ
جینمبر 40
ـــ ـــــ ــــ ـــــــ ــــ ـــ ـــــــ ــــــ ـــ ــــــ ــــ ـــــ ـــ ـــــ ــــ ـــــــ ــــ ـــ ـــــــ ــــــ ـــ ــــــ ــــ ـــــ ـــ ـــــ ــــ ـــــــ ــــ ـــ ـــــــ ــــــ ـــ ــــــ ــــ ـــــ ـــ ـــــ ــــ ـــــــ ــــ ـــ ـــــــ ــــــ ـــ ــــــ ــــ ـــــ ـــ ـــــ ــــ ـــــــ ــــ ـــ ـــــــ ــــــ ـــ ــــــ ــــ ـــــ ـــ ـــــ ــــ ـــــــ ــــ ـــ ـــــــ ــــــ ـــ ــــــ ــــ ـــــ ـــ ـــــ ــــ ـــــــ ــــ ـــ ـــــــ ــــــ ـــ ــــــ ــــ ـــــ
جینمبر 41
ـــ ـــــ ــــ ـــــــ ــــ ـــ ـــــــ ــــــ ـــ ــــــ ــــ ـــــ ـــ ـــــ ــــ ـــــــ ــــ ـــ ـــــــ ــــــ ـــ ــــــ ــــ ـــــ ـــ ـــــ ــــ ـــــــ ــــ ـــ ـــــــ ــــــ ـــ ــــــ ــــ ـــــ
جینمبر 42
ـــ ـــــ ــــ ـــــــ ــــ ـــ ـــــــ ــــــ ـــ ــــــ ــــ ـــــ ـــ ـــــ ــــ ـــــــ ــــ ـــ ـــــــ ــــــ ـــ ــــــ ــــ ـــــ ـــ ـــــ ــــ ـــــــ ــــ ـــ ـــــــ ــــــ ـــ ــــــ ــــ ـــــ
جینمبر 43
ـــ ـــــ ــــ ـــــــ ــــ ـــ ـــــــ ــــــ ـــ ــــــ ــــ ـــــ ـــ ـــــ ــــ ـــــــ ــــ ـــ ـــــــ ــــــ ـــ ــــــ ــــ ـــــ ـــ ـــــ ــــ ـــــــ ــــ ـــ ـــــــ ــــــ ـــ ــــــ ــــ ـــــ
جینمبر 44
ـــ ـــــ ــــ ـــــــ ــــ ـــ ـــــــ ــــــ ـــ ــــــ ــــ ـــــ ـــ ـــــ ــــ ـــــــ ــــ ـــ ـــــــ ــــــ ـــ ــــــ ــــ ـــــ ـــ ـــــ ــــ ـــــــ ــــ ـــ ـــــــ ــــــ ـــ ــــــ ــــ ـــــ
جینمبر 45
ـــ ـــــ ــــ ـــــــ ــــ ـــ ـــــــ ــــــ ـــ ــــــ ــــ ـــــ ـــ ـــــ ــــ ـــــــ ــــ ـــ ـــــــ ــــــ ـــ ــــــ ــــ ـــــ ـــ ـــــ ــــ ـــــــ ــــ ـــ ـــــــ ــــــ ـــ ــــــ ــــ ـــــ ـــ ـــــ ــــ ـــــــ ــــ ـــ ـــــــ ــــــ ـــ ــــــ ــــ ـــــ
جینمبر 46
ـــ ـــــ ــــ ـــــــ ــــ ـــ ـــــــ ــــــ ـــ ــــــ ــــ ـــــ ـــ ـــــ ــــ ـــــــ ــــ ـــ ـــــــ ــــــ ـــ ــــــ ــــ ـــــ ـــ ـــــ ــــ ـــــــ ــــ ـــ ـــــــ ــــــ ـــ ــــــ ــــ ـــــ ـــ ـــــ ــــ ـــــــ ــــ ـــ ـــــــ ــــــ ـــ ــــــ ــــ ـــــ
جینمبر 47
ـــ ـــــ ــــ ـــــــ ــــ ـــ ـــــــ ــــــ ـــ ــــــ ــــ ـــــ ـــ ـــــ ــــ ـــــــ ــــ ـــ ـــــــ ــــــ ـــ ــــــ ــــ ـــــ ـــ ـــــ ــــ ـــــــ ــــ ـــ ـــــــ ــــــ ـــ ــــــ ــــ ـــــ ـــ ـــــ ــــ ـــــــ ــــ ـــ ـــــــ ــــــ ـــ ــــــ ــــ ـــــ ـــ ـــــ ــــ ـــــــ ــــ ـــ ـــــــ ــــــ ـــ ــــــ ــــ ـــــ ـــ ـــــ ــــ ـــــــ ــــ ـــ ـــــــ ــــــ ـــ ــــــ ــــ ـــــ ـــ ـــــ ــــ ـــــــ ــــ ـــ ـــــــ ــــــ ـــ ــــــ ــــ ـــــ ـــ ـــــ ــــ ـــــــ ــــ ـــ ـــــــ ــــــ ـــ ــــــ ــــ ـــــ ـــ ـــــ ــــ ـــــــ ــــ ـــ ـــــــ ــــــ ـــ ــــــ ــــ ـــــ
جینمبر 48
ـــ ـــــ ــــ ـــــــ ــــ ـــ ـــــــ ــــــ ـــ ــــــ ــــ ـــــ ـــ ـــــ ــــ ـــــــ ــــ ـــ ـــــــ ــــــ ـــ ــــــ ــــ ـــــ ـــ ـــــ ــــ ـــــــ ــــ ـــ ـــــــ ــــــ ـــ ــــــ ــــ ـــــ ـــ ـــــ ــــ ـــــــ ــــ ـــ ـــــــ ــــــ ـــ ــــــ ــــ ـــــ ـــ ـــــ ــــ ـــــــ ــــ ـــ ـــــــ ــــــ ـــ ــــــ ــــ ـــــ ـــ ـــــ ــــ ـــــــ ــــ ـــ ـــــــ ــــــ ـــ ــــــ ــــ ـــــ ـــ ـــــ ــــ ـــــــ ــــ ـــ ـــــــ ــــــ ـــ ــــــ ــــ ـــــ ـــ ـــــ ــــ ـــــــ ــــ ـــ ـــــــ ــــــ ـــ ــــــ ــــ ـــــ
جینمبر 49
ـــ ـــــ ــــ ـــــــ ــــ ـــ ـــــــ ــــــ ـــ ــــــ ــــ ـــــ ـــ ـــــ ــــ ـــــــ ــــ ـــ ـــــــ ــــــ ـــ ــــــ ــــ ـــــ ـــ ـــــ ــــ ـــــــ ــــ ـــ ـــــــ ــــــ ـــ ــــــ ــــ ـــــ ـــ ـــــ ــــ ـــــــ ــــ ـــ ـــــــ ــــــ ـــ ــــــ ــــ ـــــ ـــ ـــــ ــــ ـــــــ ــــ ـــ ـــــــ ــــــ ـــ ــــــ ــــ ـــــ ـــ ـــــ ــــ ـــــــ ــــ ـــ ـــــــ ــــــ ـــ ــــــ ــــ ـــــ ـــ ـــــ ــــ ـــــــ ــــ ـــ ـــــــ ــــــ ـــ ــــــ ــــ ـــــ ـــ ـــــ ــــ ـــــــ ــــ ـــ ـــــــ ــــــ ـــ ــــــ ــــ ـــــ ـــ ـــــ ــــ ـــــــ ــــ ـــ ـــــــ ــــــ ـــ ــــــ ــــ ـــــ ـــ ـــــ ــــ ـــــــ ــــ ـــ ـــــــ ــــــ ـــ ــــــ ــــ ـــــ ـــ ـــــ ــــ ـــــــ ــــ ـــ ـــــــ ــــــ ـــ ــــــ ــــ ـــــ ـــ ـــــ ــــ ـــــــ ــــ ـــ ـــــــ ــــــ ـــ ــــــ ــــ ـــــ ـــ ـــــ ــــ ـــــــ ــــ ـــ ـــــــ ــــــ ـــ ــــــ ــــ ـــــ ـــ ـــــ ــــ ـــــــ ــــ ـــ ـــــــ ــــــ ـــ ــــــ ــــ ـــــ ـــ ـــــ ــــ ـــــــ ــــ ـــ ـــــــ ــــــ ـــ ــــــ ــــ ـــــ
جینمبر 50
ـــ ـــــ ــــ ـــــــ ــــ ـــ ـــــــ ــــــ ـــ ــــــ ــــ ـــــ ـــ ـــــ ــــ ـــــــ ــــ ـــ ـــــــ ــــــ ـــ ــــــ ــــ ـــــ ـــ ـــــ ــــ ـــــــ ــــ ـــ ـــــــ ــــــ ـــ ــــــ ــــ ـــــ
جینمبر 51
ـــ ـــــ ــــ ـــــــ ــــ ـــ ـــــــ ــــــ ـــ ــــــ ــــ ـــــ ـــ ـــــ ــــ ـــــــ ــــ ـــ ـــــــ ــــــ ـــ ــــــ ــــ ـــــ ـــ ـــــ ــــ ـــــــ ــــ ـــ ـــــــ ــــــ ـــ ــــــ ــــ ـــــ ـــ ـــــ ــــ ـــــــ ــــ ـــ ـــــــ ــــــ ـــ ــــــ ــــ ـــــ
جینمبر 52
ـــ ـــــ ــــ ـــــــ ــــ ـــ ـــــــ ــــــ ـــ ــــــ ــــ ـــــ ـــ ـــــ ــــ ـــــــ ــــ ـــ ـــــــ ــــــ ـــ ــــــ ــــ ـــــ ـــ ـــــ ــــ ـــــــ ــــ ـــ ـــــــ ــــــ ـــ ــــــ ــــ ـــــ
جینمبر 53
ـــ ـــــ ــــ ـــــــ ــــ ـــ ـــــــ ــــــ ـــ ــــــ ــــ ـــــ ـــ ـــــ ــــ ـــــــ ــــ ـــ ـــــــ ــــــ ـــ ــــــ ــــ ـــــ ـــ ـــــ ــــ ـــــــ ــــ ـــ ـــــــ ــــــ ـــ ــــــ ــــ ـــــ ـــ ـــــ ــــ ـــــــ ــــ ـــ ـــــــ ــــــ ـــ ــــــ ــــ ـــــ ـــ ـــــ ــــ ـــــــ ــــ ـــ ـــــــ ــــــ ـــ ــــــ ــــ ـــــ
جینمبر 54
ـــ ـــــ ــــ ـــــــ ــــ ـــ ـــــــ ــــــ ـــ ــــــ ــــ ـــــ ـــ ـــــ ــــ ـــــــ ــــ ـــ ـــــــ ــــــ ـــ ــــــ ــــ ـــــ ـــ ـــــ ــــ ـــــــ ــــ ـــ ـــــــ ــــــ ـــ ــــــ ــــ ـــــ ـــ ـــــ ــــ ـــــــ ــــ ـــ ـــــــ ــــــ ـــ ــــــ ــــ ـــــ
جینمبر 55
ـــ ـــــ ــــ ـــــــ ــــ ـــ ـــــــ ــــــ ـــ ــــــ ــــ ـــــ ـــ ـــــ ــــ ـــــــ ــــ ـــ ـــــــ ــــــ ـــ ــــــ ــــ ـــــ ـــ ـــــ ــــ ـــــــ ــــ ـــ ـــــــ ــــــ ـــ ــــــ ــــ ـــــ
جینمبر 56
ـــ ـــــ ــــ ـــــــ ــــ ـــ ـــــــ ــــــ ـــ ــــــ ــــ ـــــ ـــ ـــــ ــــ ـــــــ ــــ ـــ ـــــــ ــــــ ـــ ــــــ ــــ ـــــ ـــ ـــــ ــــ ـــــــ ــــ ـــ ـــــــ ــــــ ـــ ــــــ ــــ ـــــ
اعلان لاتعلقی / عاق نامہ
اطلاع عام
ـــ ـــــ ــــ ـــــــ ــــ ـــ ـــــــ ــــــ ـــ ــــــ ــــ ـــــ ـــ ـــــ ــــ ـــــــ ــــ ـــ ـــــــ ــــــ ـــ ــــــ ــــ ـــــ ـــ ـــــ ــــ ـــــــ ــــ ـــ ـــــــ ــــــ ـــ ــــــ ــــ ـــــ ـــ ـــــ ــــ ـــــــ ــــ ـــ ـــــــ ــــــ ـــ ــــــ ــــ ـــــ ـــ ـــــ ــــ ـــــــ ــــ ـــ ـــــــ ــــــ ـــ ــــــ ــــ ـــــ
اطلاع عام
ـــ ـــــ ــــ ـــــــ ــــ ـــ ـــــــ ــــــ ـــ ــــــ ــــ ـــــ ـــ ـــــ ــــ ـــــــ ــــ ـــ ـــــــ ــــــ ـــ ــــــ ــــ ـــــ ـــ ـــــ ــــ ـــــــ ــــ ـــ ـــــــ ــــــ ـــ ــــــ ــــ ـــــ ـــ ـــــ ــــ ـــــــ ــــ ـــ ـــــــ ــــــ ـــ ــــــ ــــ ـــــ ـــ ـــــ ــــ ـــــــ ــــ ـــ ـــــــ ــــــ ـــ ــــــ ــــ ـــــ
درستگی نام
ـــ ـــــ ــــ ـــــــ ــــ ـــ ـــــــ ــــــ ـــ ــــــ ــــ ـــــ ـــ ـــــ ــــ ـــــــ ــــ ـــ ـــــــ ــــــ ـــ ــــــ ــــ ـــــ ـــ ـــــ ــــ ـــــــ ــــ ـــ ـــــــ ــــــ ـــ ــــــ ــــ ـــــ ـــ ـــــ ــــ ـــــــ ــــ ـــ ـــــــ ــــــ ـــ ــــــ ــــ ـــــ ـــ ـــــ ــــ ـــــــ ــــ ـــ ـــــــ ــــــ ـــ ــــــ ــــ ـــــ
اطلاع عام
ـــ ـــــ ــــ ـــــــ ــــ ـــ ـــــــ ــــــ ـــ ــــــ ــــ ـــــ ـــ ـــــ ــــ ـــــــ ــــ ـــ ـــــــ ــــــ ـــ ــــــ ــــ ـــــ ـــ ـــــ ــــ ـــــــ ــــ ـــ ـــــــ ــــــ ـــ ــــــ ــــ ـــــ ـــ ـــــ ــــ ـــــــ ــــ ـــ ـــــــ ــــــ ـــ ــــــ ــــ ـــــ ـــ ـــــ ــــ ـــــــ ــــ ـــ ـــــــ ــــــ ـــ ــــــ ــــ ـــــ
انتقال وراثت
ـــ ـــــ ــــ ـــــــ ــــ ـــ ـــــــ ــــــ ـــ ــــــ ــــ ـــــ ـــ ـــــ ــــ ـــــــ ــــ ـــ ـــــــ ــــــ ـــ ــــــ ــــ ـــــ ـــ ـــــ ــــ ـــــــ ــــ ـــ ـــــــ ــــــ ـــ ــــــ ــــ ـــــ ـــ ـــــ ــــ ـــــــ ــــ ـــ ـــــــ ــــــ ـــ ــــــ ــــ ـــــ ـــ ـــــ ــــ ـــــــ ــــ ـــ ـــــــ ــــــ ـــ ــــــ ــــ ـــــ
انتقال وراثت
ـــ ـــــ ــــ ـــــــ ــــ ـــ ـــــــ ــــــ ـــ ــــــ ــــ ـــــ ـــ ـــــ ــــ ـــــــ ــــ ـــ ـــــــ ــــــ ـــ ــــــ ــــ ـــــ ـــ ـــــ ــــ ـــــــ ــــ ـــ ـــــــ ــــــ ـــ ــــــ ــــ ـــــ ـــ ـــــ ــــ ـــــــ ــــ ـــ ـــــــ ــــــ ـــ ــــــ ــــ ـــــ ـــ ـــــ ــــ ـــــــ ــــ ـــ ـــــــ ــــــ ـــ ــــــ ــــ ـــــ
جینمبر 57
ـــ ـــــ ــــ ـــــــ ــــ ـــ ـــــــ ــــــ ـــ ــــــ ــــ ـــــ ـــ ـــــ ــــ ـــــــ ــــ ـــ ـــــــ ــــــ ـــ ــــــ ــــ ـــــ ـــ ـــــ ــــ ـــــــ ــــ ـــ ـــــــ ــــــ ـــ ــــــ ــــ ـــــ ـــ ـــــ ــــ ـــــــ ــــ ـــ ـــــــ ــــــ ـــ ــــــ ــــ ـــــ ـــ ـــــ ــــ ـــــــ ــــ ـــ ـــــــ ــــــ ـــ ــــــ ــــ ـــــ ـــ ـــــ ــــ ـــــــ ــــ ـــ ـــــــ ــــــ ـــ ــــــ ــــ ـــــ ـــ ـــــ ــــ ـــــــ ــــ ـــ ـــــــ ــــــ ـــ ــــــ ــــ ـــــ ـــ ـــــ ــــ ـــــــ ــــ ـــ ـــــــ ــــــ ـــ ــــــ ــــ ـــــ ـــ ـــــ ــــ ـــــــ ــــ ـــ ـــــــ ــــــ ـــ ــــــ ــــ ـــــ ـــ ـــــ ــــ ـــــــ ــــ ـــ ـــــــ ــــــ ـــ ــــــ ــــ ـــــ ـــ ـــــ ــــ ـــــــ ــــ ـــ ـــــــ ــــــ ـــ ــــــ ــــ ـــــ ـــ ـــــ ــــ ـــــــ ــــ ـــ ـــــــ ــــــ ـــ ــــــ ــــ ـــــ ـــ ـــــ ــــ ـــــــ ــــ ـــ ـــــــ ــــــ ـــ ــــــ ــــ ـــــ ـــ ـــــ ــــ ـــــــ ــــ ـــ ـــــــ ــــــ ـــ ــــــ ــــ ـــــ
جینمبر 58
ـــ ـــــ ــــ ـــــــ ــــ ـــ ـــــــ ــــــ ـــ ــــــ ــــ ـــــ ـــ ـــــ ــــ ـــــــ ــــ ـــ ـــــــ ــــــ ـــ ــــــ ــــ ـــــ ـــ ـــــ ــــ ـــــــ ــــ ـــ ـــــــ ــــــ ـــ ــــــ ــــ ـــــ ـــ ـــــ ــــ ـــــــ ــــ ـــ ـــــــ ــــــ ـــ ــــــ ــــ ـــــ ـــ ـــــ ــــ ـــــــ ــــ ـــ ـــــــ ــــــ ـــ ــــــ ــــ ـــــ ـــ ـــــ ــــ ـــــــ ــــ ـــ ـــــــ ــــــ ـــ ــــــ ــــ ـــــ
جینمبر 59
ـــ ـــــ ــــ ـــــــ ــــ ـــ ـــــــ ــــــ ـــ ــــــ ــــ ـــــ ـــ ـــــ ــــ ـــــــ ــــ ـــ ـــــــ ــــــ ـــ ــــــ ــــ ـــــ ـــ ـــــ ــــ ـــــــ ــــ ـــ ـــــــ ــــــ ـــ ــــــ ــــ ـــــ ـــ ـــــ ــــ ـــــــ ــــ ـــ ـــــــ ــــــ ـــ ــــــ ــــ ـــــ ـــ ـــــ ــــ ـــــــ ــــ ـــ ـــــــ ــــــ ـــ ــــــ ــــ ـــــ ـــ ـــــ ــــ ـــــــ ــــ ـــ ـــــــ ــــــ ـــ ــــــ ــــ ـــــ ـــ ـــــ ــــ ـــــــ ــــ ـــ ـــــــ ــــــ ـــ ــــــ ــــ ـــــ
جینمبر 60
ـــ ـــــ ــــ ـــــــ ــــ ـــ ـــــــ ــــــ ـــ ــــــ ــــ ـــــ ـــ ـــــ ــــ ـــــــ ــــ ـــ ـــــــ ــــــ ـــ ــــــ ــــ ـــــ ـــ ـــــ ــــ ـــــــ ــــ ـــ ـــــــ ــــــ ـــ ــــــ ــــ ـــــ ـــ ـــــ ــــ ـــــــ ــــ ـــ ـــــــ ــــــ ـــ ــــــ ــــ ـــــ ـــ ـــــ ــــ ـــــــ ــــ ـــ ـــــــ ــــــ ـــ ــــــ ــــ ـــــ ـــ ـــــ ــــ ـــــــ ــــ ـــ ـــــــ ــــــ ـــ ــــــ ــــ ـــــ
جینمبر 61
ـــ ـــــ ــــ ـــــــ ــــ ـــ ـــــــ ــــــ ـــ ــــــ ــــ ـــــ ـــ ـــــ ــــ ـــــــ ــــ ـــ ـــــــ ــــــ ـــ ــــــ ــــ ـــــ ـــ ـــــ ــــ ـــــــ ــــ ـــ ـــــــ ــــــ ـــ ــــــ ــــ ـــــ
اطلاع عام
